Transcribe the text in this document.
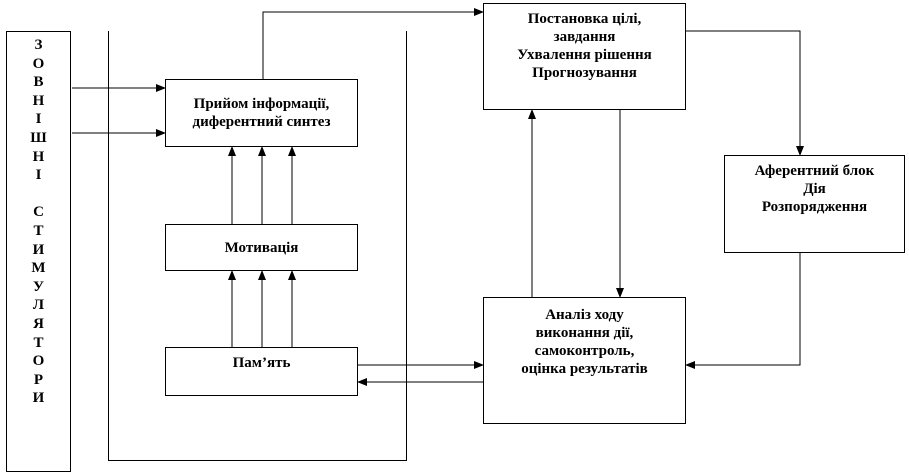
З
О
В
Н
І
Ш
Н
І

С
Т
И
М
У
Л
Я
Т
О
Р
И
Прийом інформації,
диферентний синтез
Мотивація
Пам’ять
Постановка цілі,
завдання
Ухвалення рішення
Прогнозування
Аферентний блок
Дія
Розпорядження
Аналіз ходу
виконання дії,
самоконтроль,
оцінка результатів
